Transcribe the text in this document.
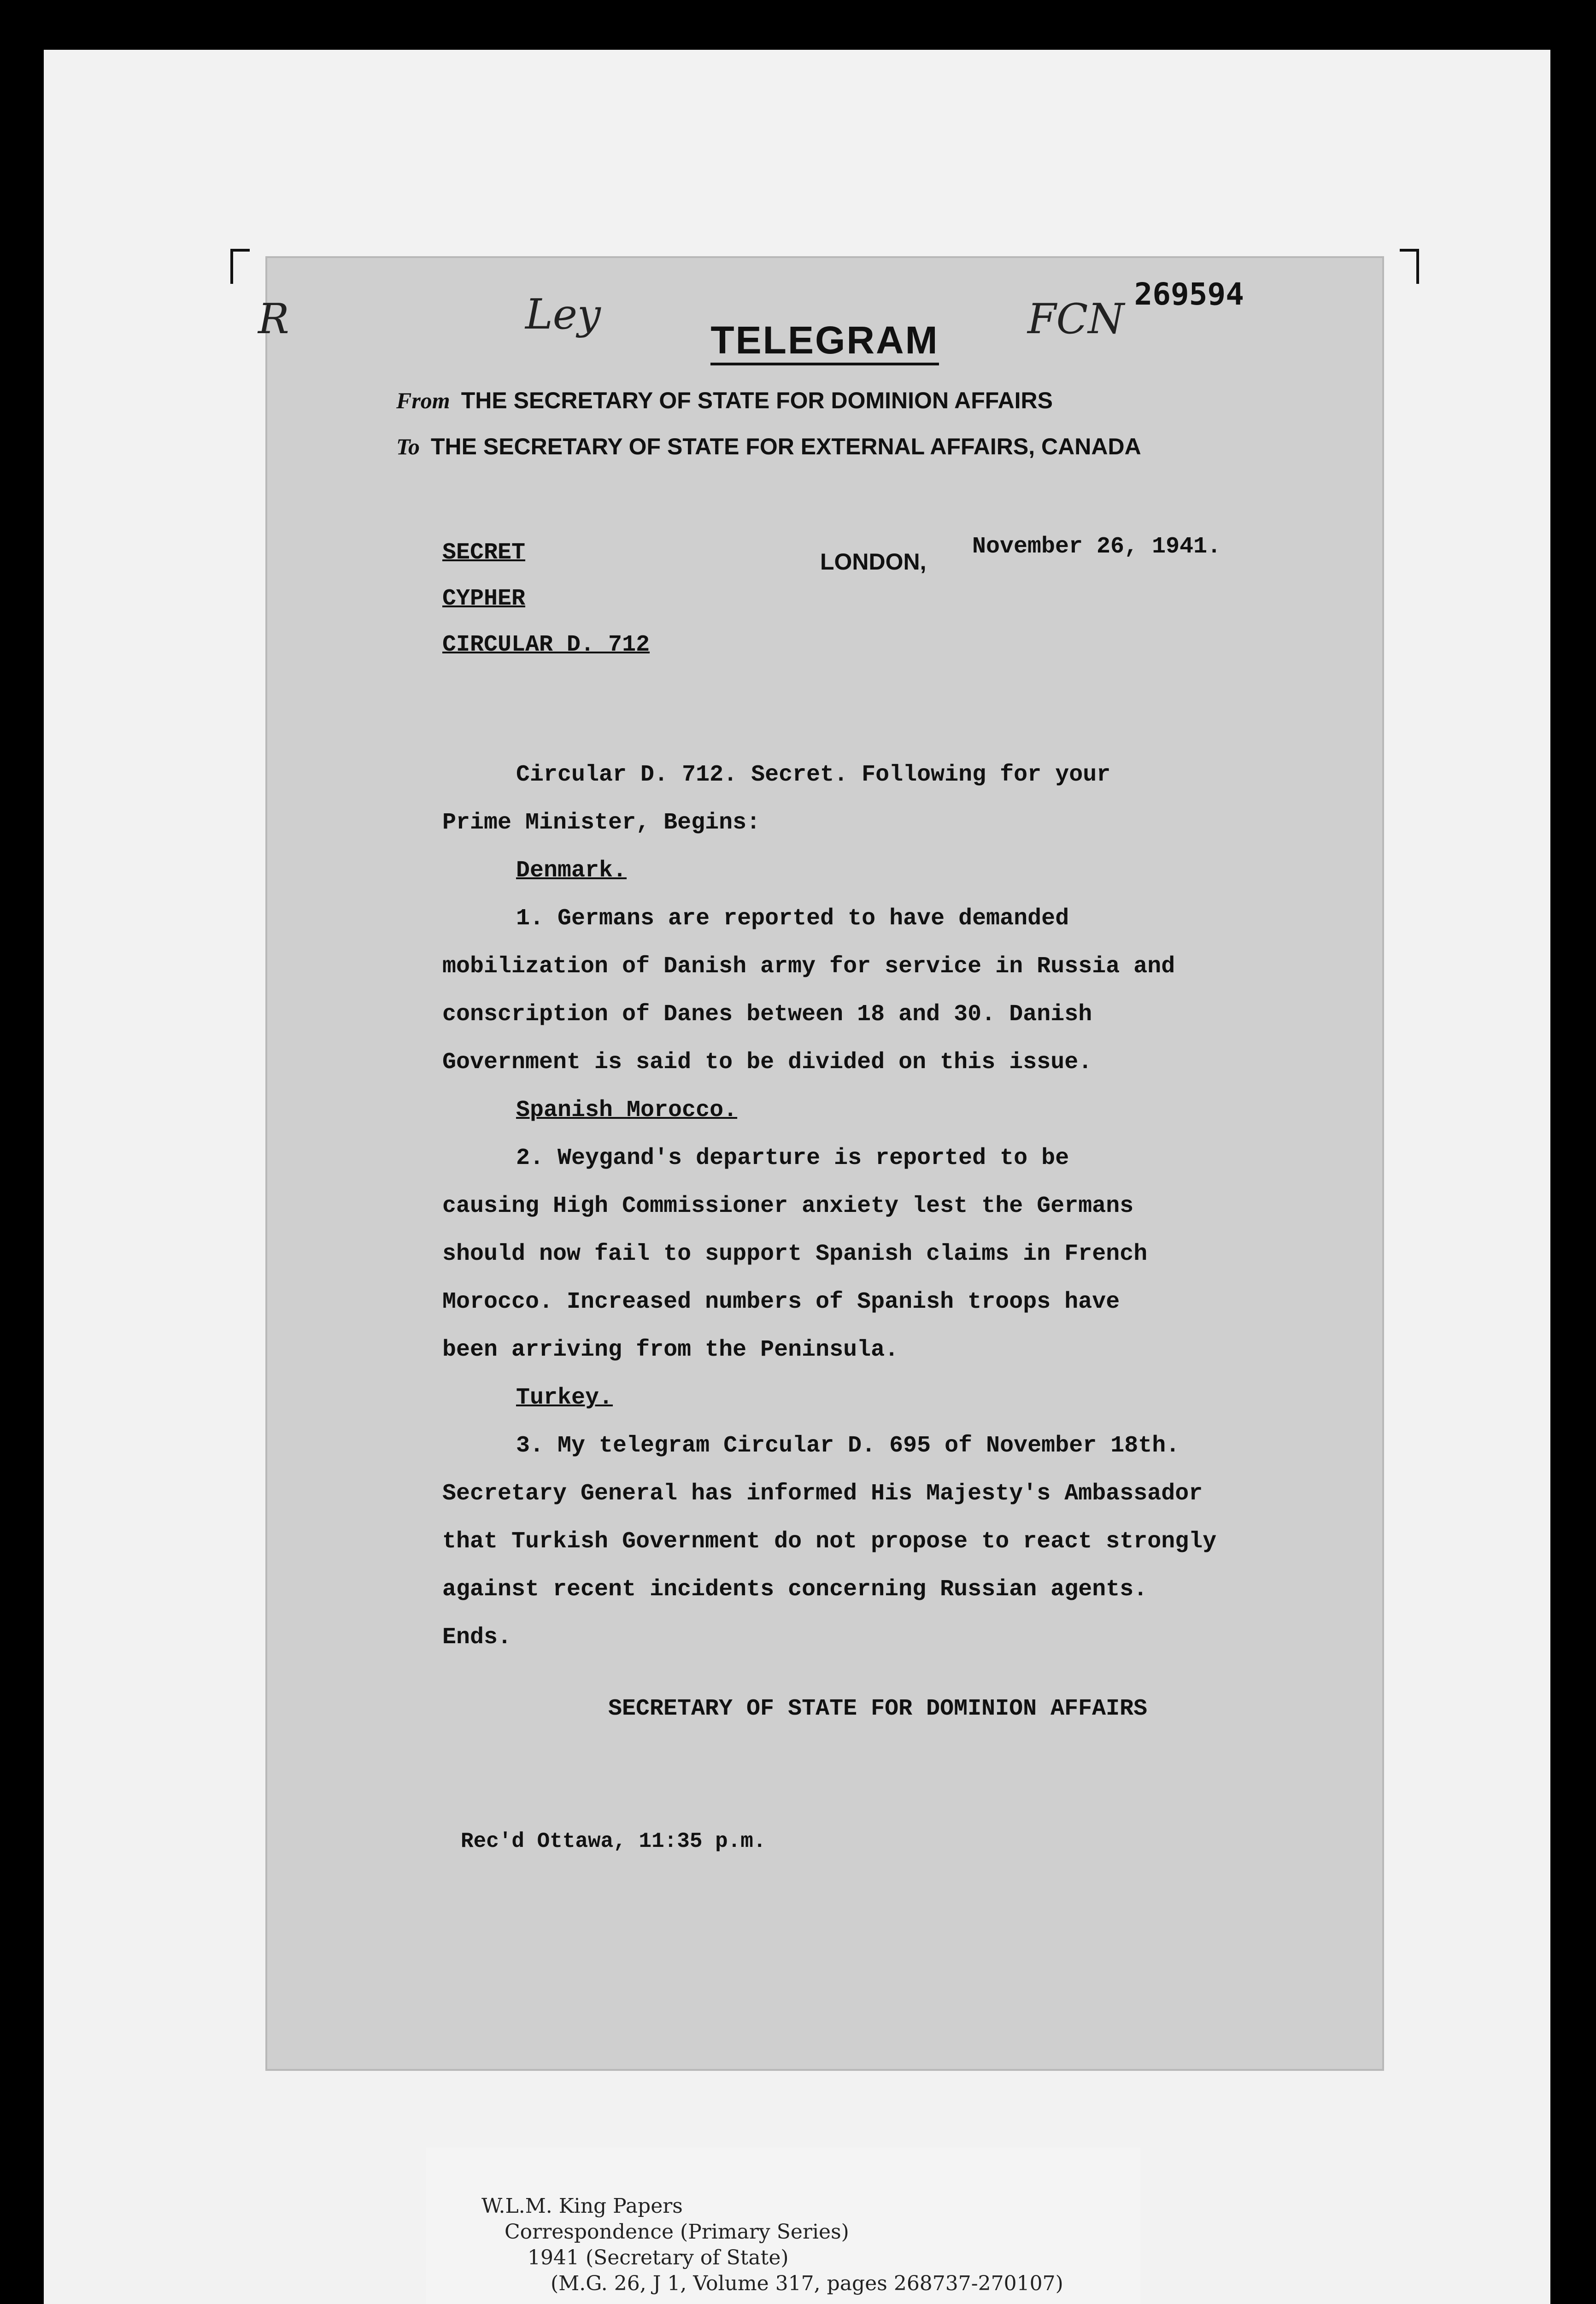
R	Ley	FCN
269594
TELEGRAM
From THE SECRETARY OF STATE FOR DOMINION AFFAIRS
To THE SECRETARY OF STATE FOR EXTERNAL AFFAIRS, CANADA
SECRET
CYPHER
CIRCULAR D. 712
LONDON,
November 26, 1941.

Circular D. 712. Secret. Following for your

Prime Minister, Begins:

Denmark.

1. Germans are reported to have demanded

mobilization of Danish army for service in Russia and

conscription of Danes between 18 and 30. Danish

Government is said to be divided on this issue.

Spanish Morocco.

2. Weygand's departure is reported to be

causing High Commissioner anxiety lest the Germans

should now fail to support Spanish claims in French

Morocco. Increased numbers of Spanish troops have

been arriving from the Peninsula.

Turkey.

3. My telegram Circular D. 695 of November 18th.

Secretary General has informed His Majesty's Ambassador

that Turkish Government do not propose to react strongly

against recent incidents concerning Russian agents.

Ends.

SECRETARY OF STATE FOR DOMINION AFFAIRS
Rec'd Ottawa, 11:35 p.m.
W.L.M. King Papers
Correspondence (Primary Series)
1941 (Secretary of State)
(M.G. 26, J 1, Volume 317, pages 268737-270107)
